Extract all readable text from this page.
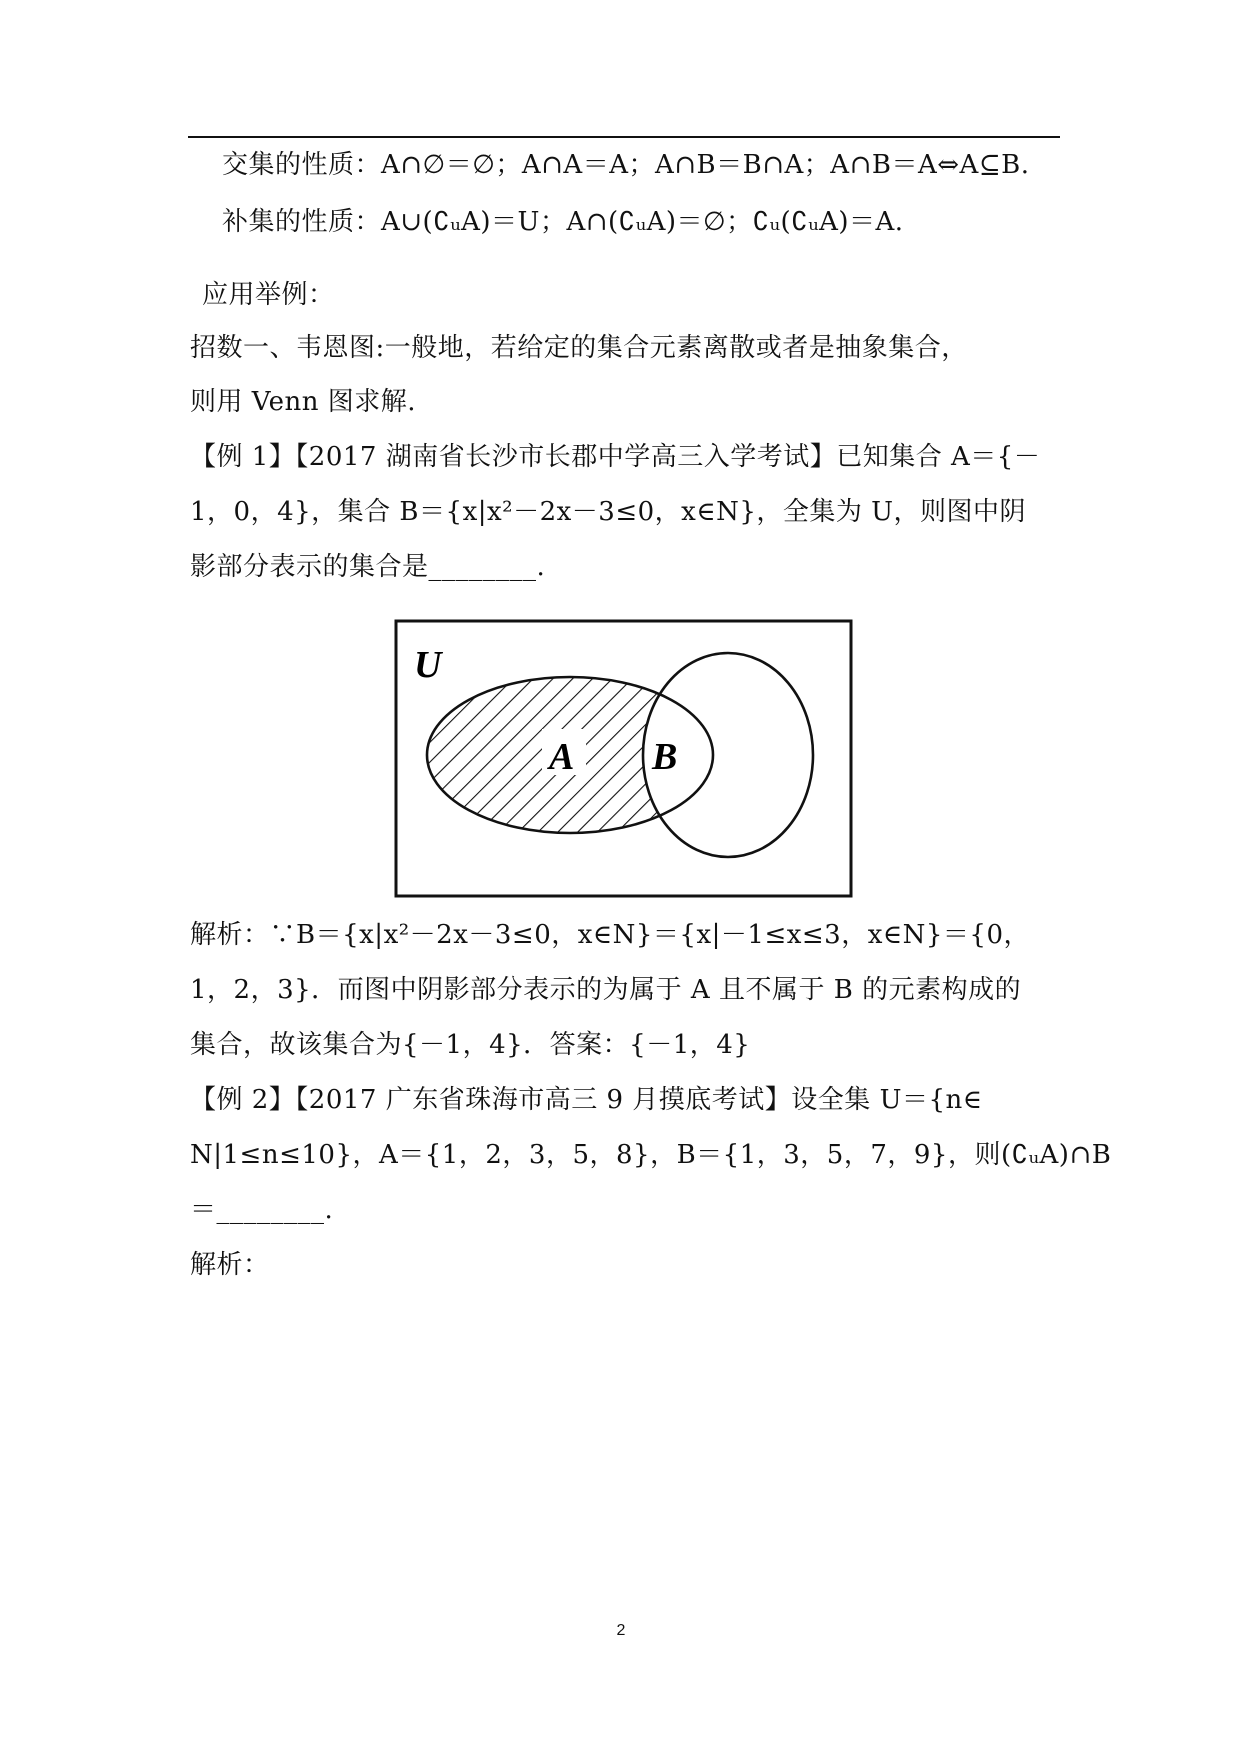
交集的性质：A∩∅＝∅；A∩A＝A；A∩B＝B∩A；A∩B＝A⇔A⊆B.
补集的性质：A∪(∁ᵤA)＝U；A∩(∁ᵤA)＝∅；∁ᵤ(∁ᵤA)＝A.
应用举例：
招数一、韦恩图:一般地，若给定的集合元素离散或者是抽象集合，
则用 Venn 图求解.
【例 1】【2017 湖南省长沙市长郡中学高三入学考试】已知集合 A＝{－
1，0，4}，集合 B＝{x|x²－2x－3≤0，x∈N}，全集为 U，则图中阴
影部分表示的集合是________.
U
A B
解析：∵B＝{x|x²－2x－3≤0，x∈N}＝{x|－1≤x≤3，x∈N}＝{0，
1，2，3}．而图中阴影部分表示的为属于 A 且不属于 B 的元素构成的
集合，故该集合为{－1，4}．答案：{－1，4}
【例 2】【2017 广东省珠海市高三 9 月摸底考试】设全集 U＝{n∈
N|1≤n≤10}，A＝{1，2，3，5，8}，B＝{1，3，5，7，9}，则(∁ᵤA)∩B
＝________.
解析：
2
